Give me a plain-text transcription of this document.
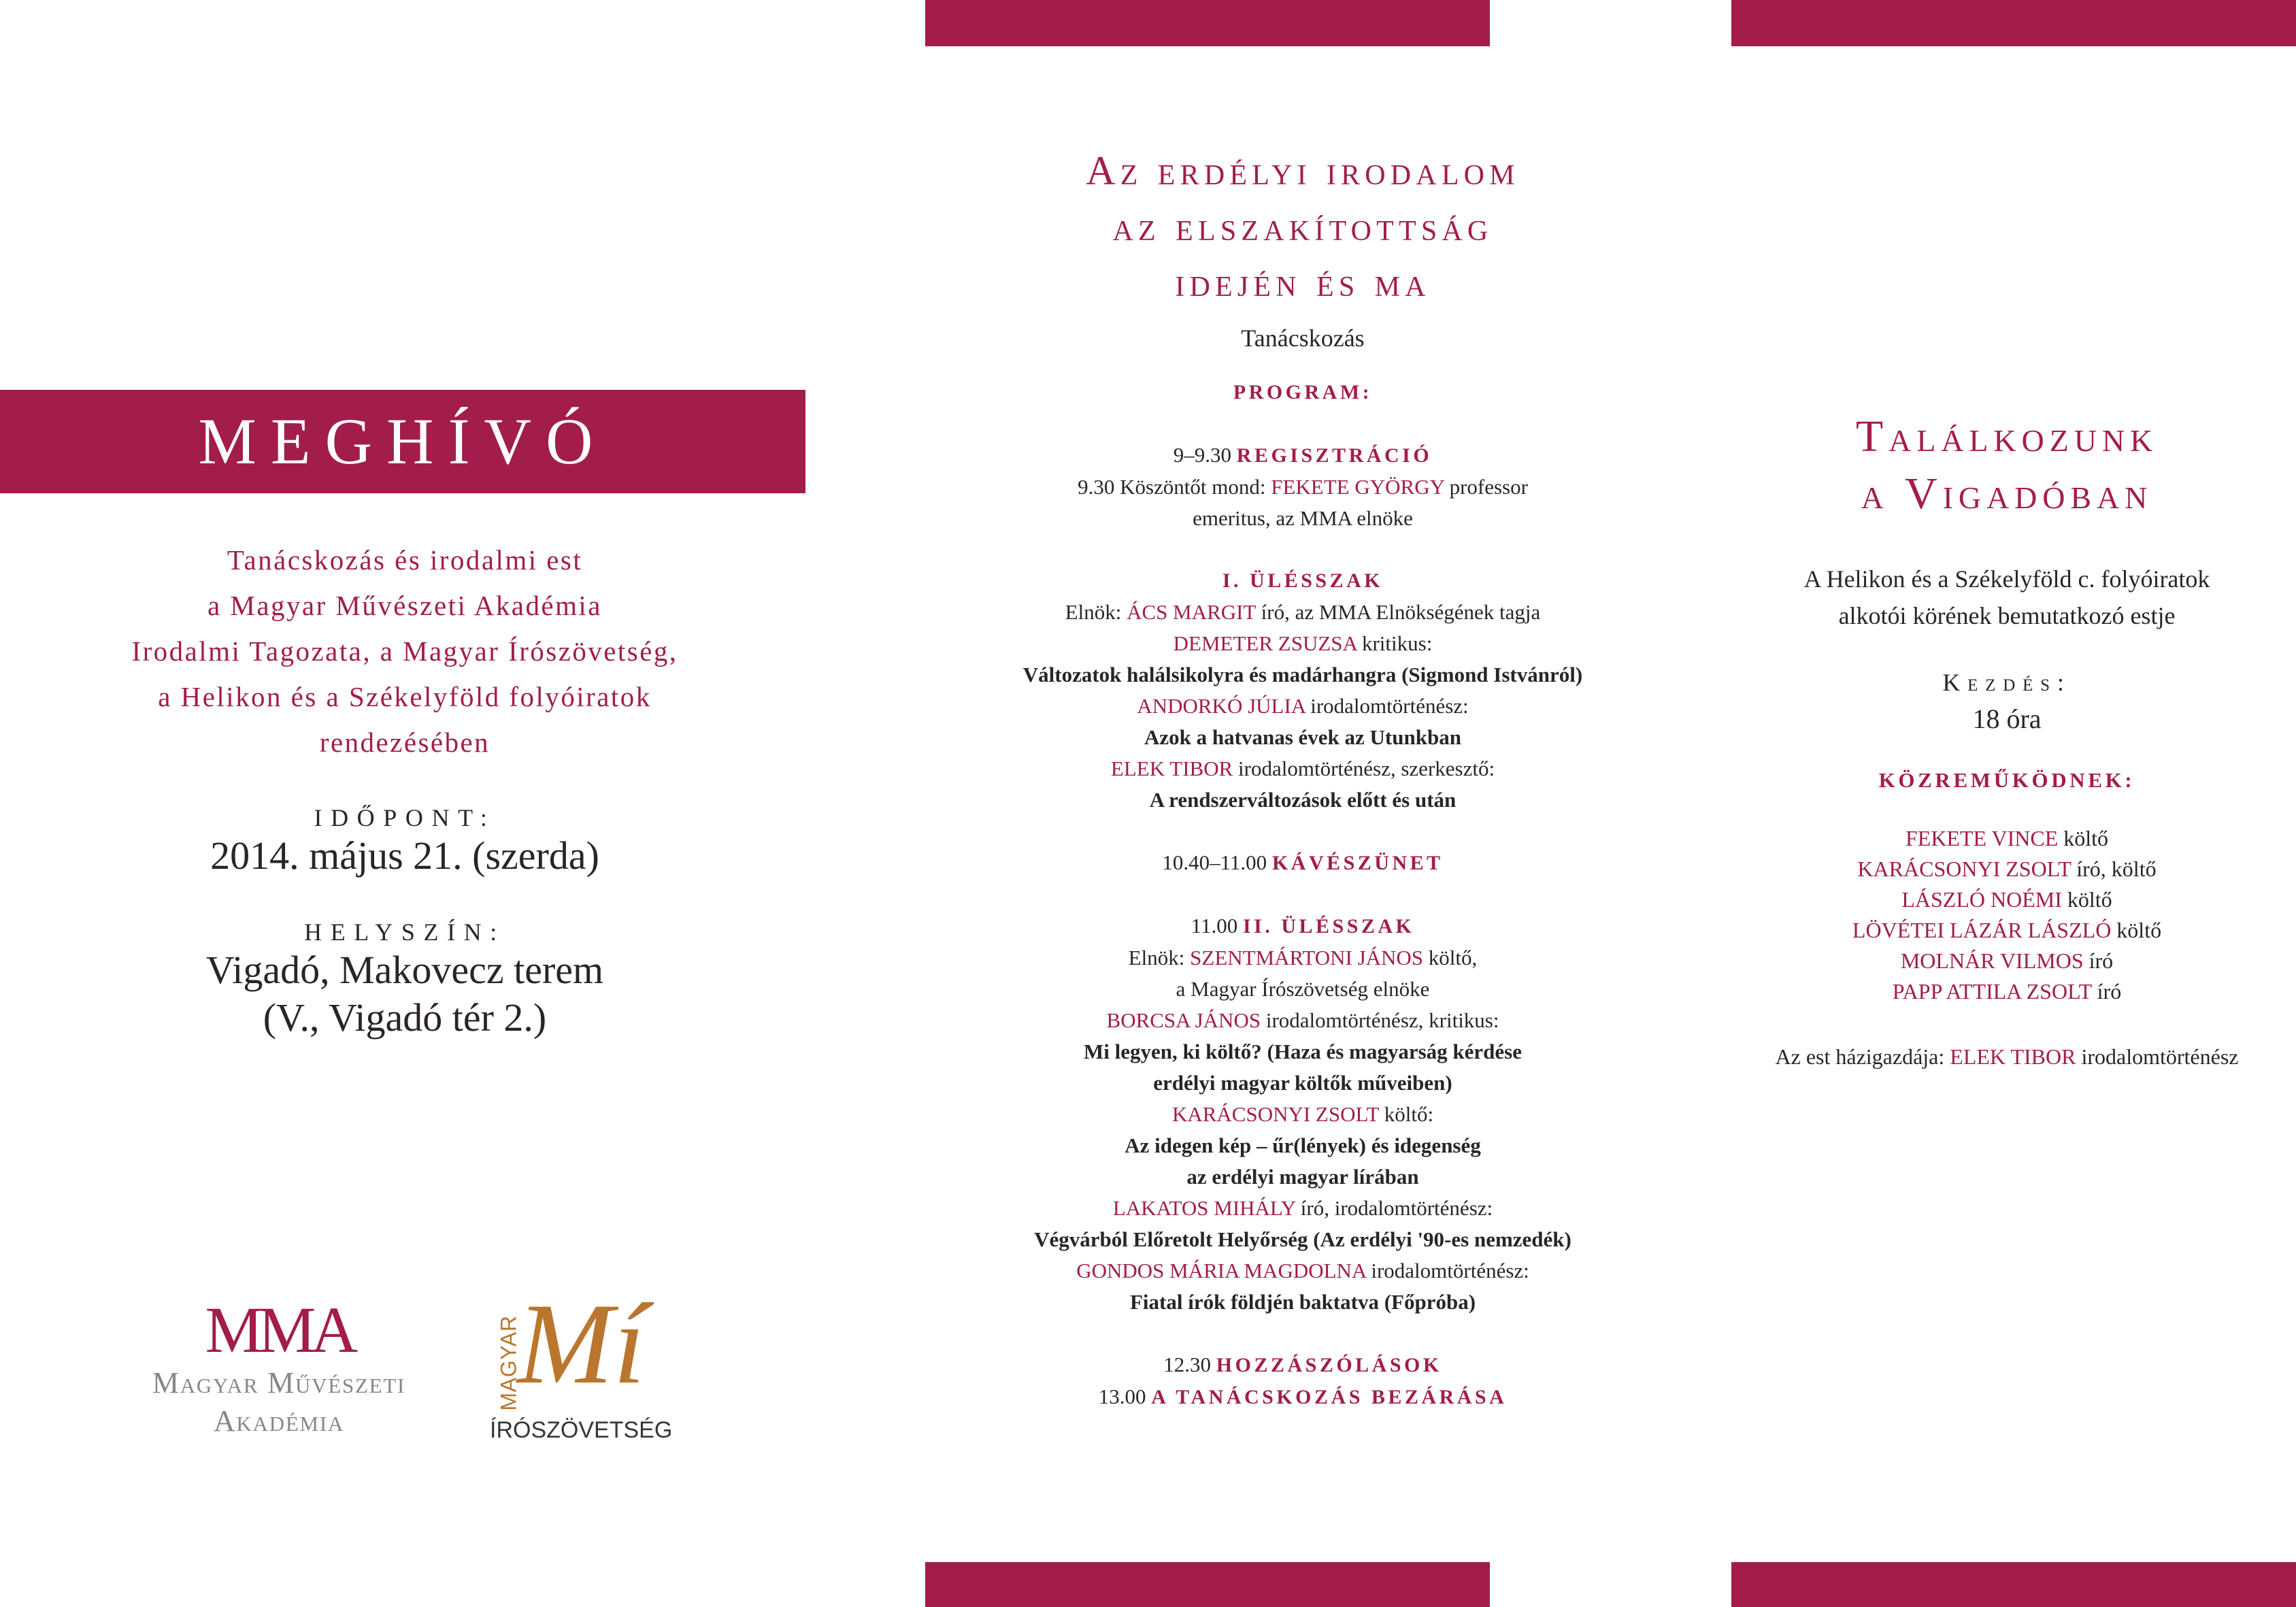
MEGHÍVÓ
Tanácskozás és irodalmi est
a Magyar Művészeti Akadémia
Irodalmi Tagozata, a Magyar Írószövetség,
a Helikon és a Székelyföld folyóiratok
rendezésében
IDŐPONT:
2014. május 21. (szerda)
HELYSZÍN:
Vigadó, Makovecz terem
(V., Vigadó tér 2.)
MMA
Magyar Művészeti
Akadémia
MAGYAR
Mí
ÍRÓSZÖVETSÉG
Az erdélyi irodalom
az elszakítottság
idején és ma
Tanácskozás
PROGRAM:
9–9.30 REGISZTRÁCIÓ
9.30 Köszöntőt mond: FEKETE GYÖRGY professor
emeritus, az MMA elnöke
I. ÜLÉSSZAK
Elnök: ÁCS MARGIT író, az MMA Elnökségének tagja
DEMETER ZSUZSA kritikus:
Változatok halálsikolyra és madárhangra (Sigmond Istvánról)
ANDORKÓ JÚLIA irodalomtörténész:
Azok a hatvanas évek az Utunkban
ELEK TIBOR irodalomtörténész, szerkesztő:
A rendszerváltozások előtt és után
10.40–11.00 KÁVÉSZÜNET
11.00 II. ÜLÉSSZAK
Elnök: SZENTMÁRTONI JÁNOS költő,
a Magyar Írószövetség elnöke
BORCSA JÁNOS irodalomtörténész, kritikus:
Mi legyen, ki költő? (Haza és magyarság kérdése
erdélyi magyar költők műveiben)
KARÁCSONYI ZSOLT költő:
Az idegen kép – űr(lények) és idegenség
az erdélyi magyar lírában
LAKATOS MIHÁLY író, irodalomtörténész:
Végvárból Előretolt Helyőrség (Az erdélyi '90-es nemzedék)
GONDOS MÁRIA MAGDOLNA irodalomtörténész:
Fiatal írók földjén baktatva (Főpróba)
12.30 HOZZÁSZÓLÁSOK
13.00 A TANÁCSKOZÁS BEZÁRÁSA
Találkozunk
a Vigadóban
A Helikon és a Székelyföld c. folyóiratok
alkotói körének bemutatkozó estje
Kezdés:
18 óra
KÖZREMŰKÖDNEK:
FEKETE VINCE költő
KARÁCSONYI ZSOLT író, költő
LÁSZLÓ NOÉMI költő
LÖVÉTEI LÁZÁR LÁSZLÓ költő
MOLNÁR VILMOS író
PAPP ATTILA ZSOLT író
Az est házigazdája: ELEK TIBOR irodalomtörténész
